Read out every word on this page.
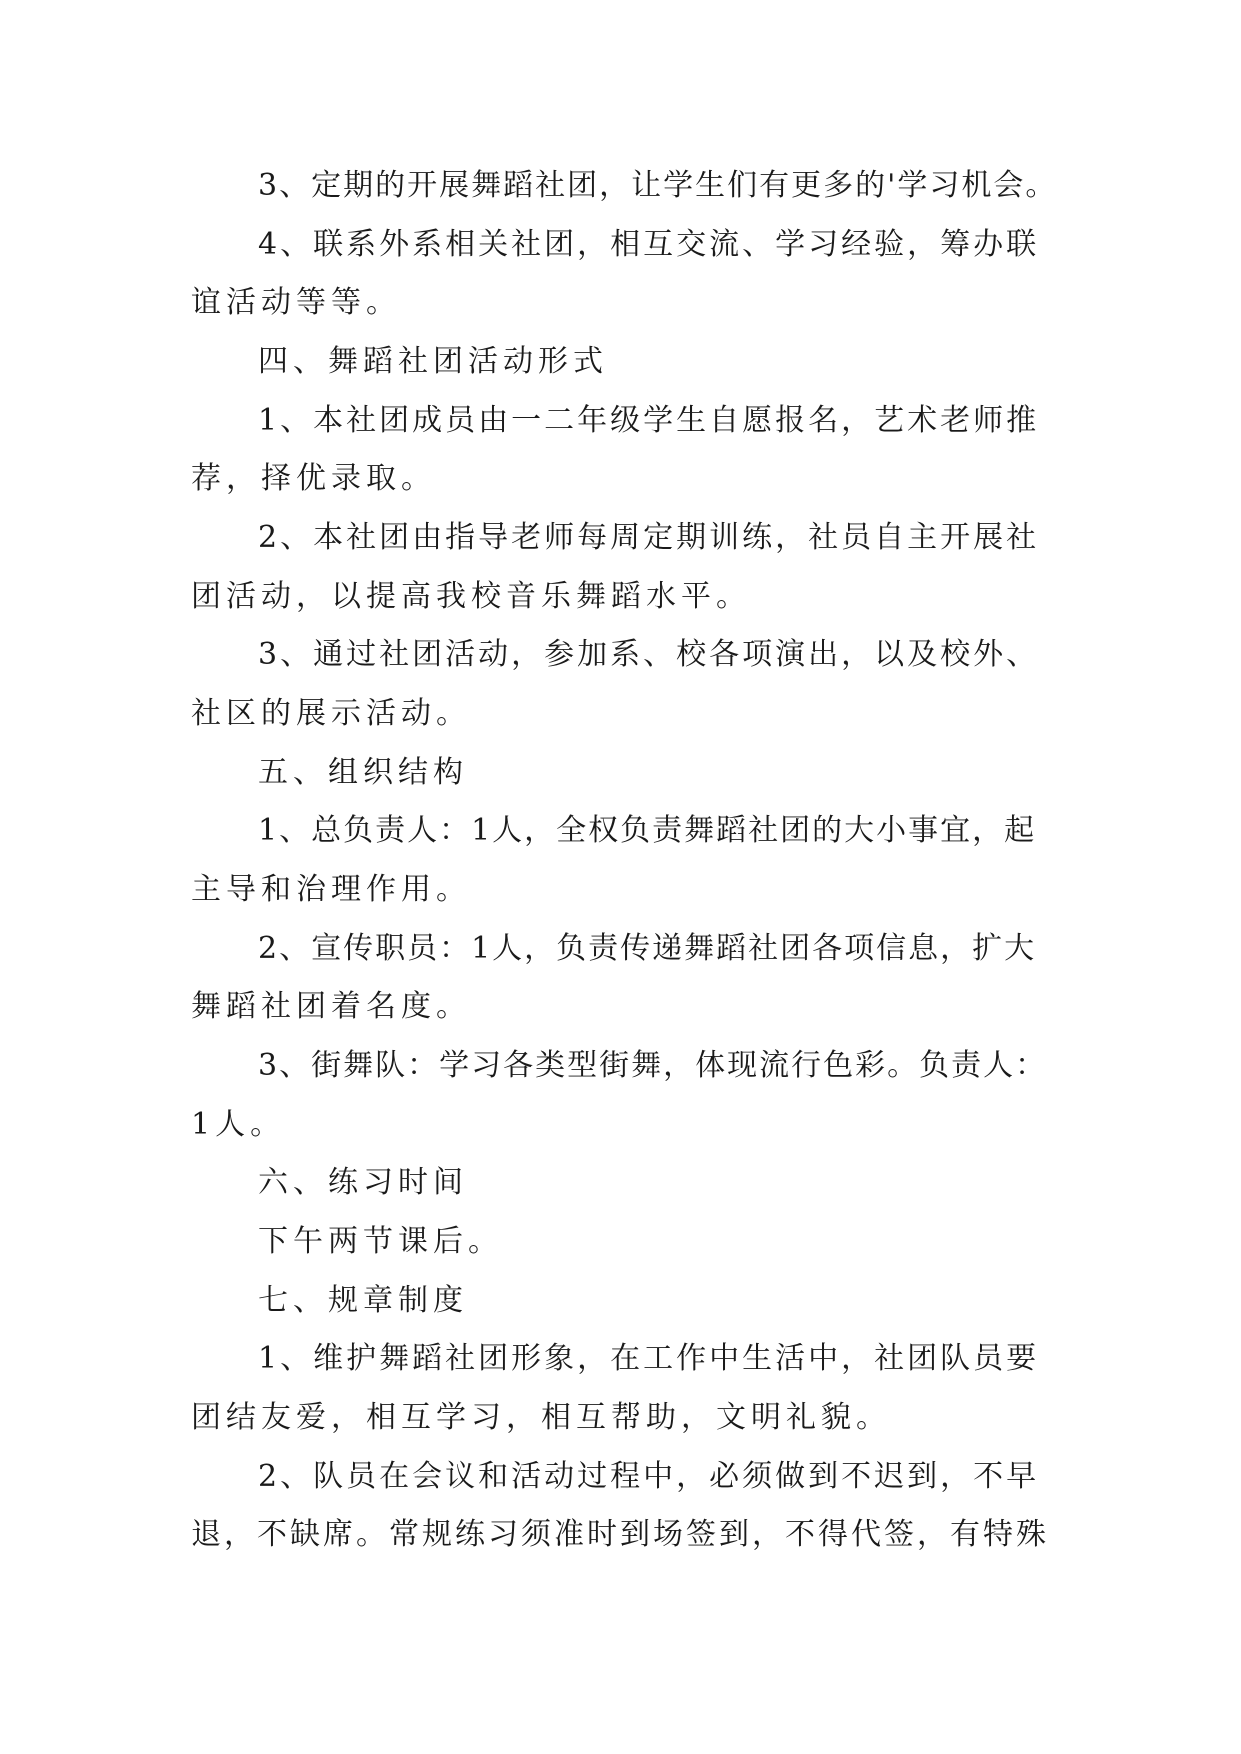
3、定期的开展舞蹈社团，让学生们有更多的'学习机会。
4、联系外系相关社团，相互交流、学习经验，筹办联
谊活动等等。
四、舞蹈社团活动形式
1、本社团成员由一二年级学生自愿报名，艺术老师推
荐，择优录取。
2、本社团由指导老师每周定期训练，社员自主开展社
团活动，以提高我校音乐舞蹈水平。
3、通过社团活动，参加系、校各项演出，以及校外、
社区的展示活动。
五、组织结构
1、总负责人：1人，全权负责舞蹈社团的大小事宜，起
主导和治理作用。
2、宣传职员：1人，负责传递舞蹈社团各项信息，扩大
舞蹈社团着名度。
3、街舞队：学习各类型街舞，体现流行色彩。负责人：
1人。
六、练习时间
下午两节课后。
七、规章制度
1、维护舞蹈社团形象，在工作中生活中，社团队员要
团结友爱，相互学习，相互帮助，文明礼貌。
2、队员在会议和活动过程中，必须做到不迟到，不早
退，不缺席。常规练习须准时到场签到，不得代签，有特殊
